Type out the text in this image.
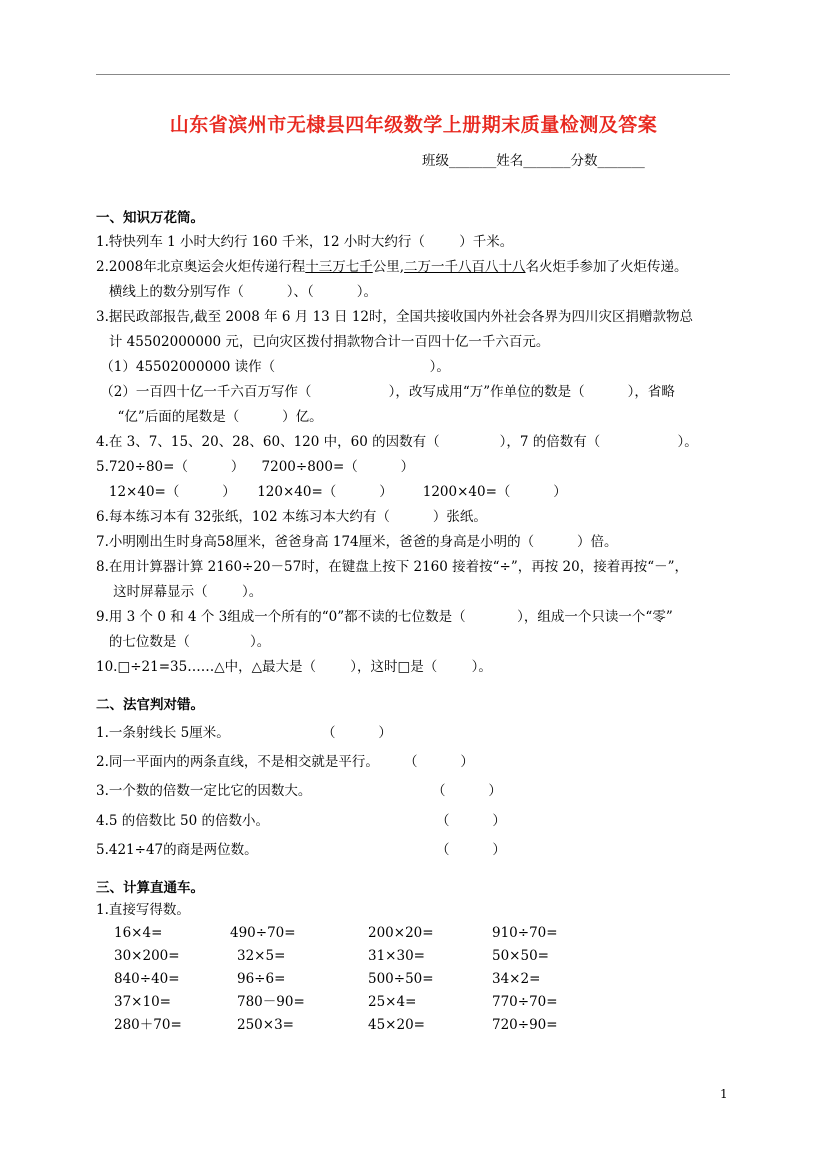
山东省滨州市无棣县四年级数学上册期末质量检测及答案
班级_______姓名_______分数_______
一、知识万花筒。
1.特快列车 1 小时大约行 160 千米，12 小时大约行（        ）千米。
2.2008年北京奥运会火炬传递行程十三万七千公里,二万一千八百八十八名火炬手参加了火炬传递。
横线上的数分别写作（          ）、（          ）。
3.据民政部报告,截至 2008 年 6 月 13 日 12时，全国共接收国内外社会各界为四川灾区捐赠款物总
计 45502000000 元，已向灾区拨付捐款物合计一百四十亿一千六百元。
（1）45502000000 读作（                                    ）。
（2）一百四十亿一千六百万写作（                  ），改写成用“万”作单位的数是（          ），省略
“亿”后面的尾数是（          ）亿。
4.在 3、7、15、20、28、60、120 中，60 的因数有（              ），7 的倍数有（                  ）。
5.720÷80=（          ）    7200÷800=（          ）
12×40=（          ）     120×40=（          ）       1200×40=（          ）
6.每本练习本有 32张纸，102 本练习本大约有（          ）张纸。
7.小明刚出生时身高58厘米，爸爸身高 174厘米，爸爸的身高是小明的（          ）倍。
8.在用计算器计算 2160÷20－57时，在键盘上按下 2160 接着按“÷”，再按 20，接着再按“－”，
这时屏幕显示（        ）。
9.用 3 个 0 和 4 个 3组成一个所有的“0”都不读的七位数是（            ），组成一个只读一个“零”
的七位数是（              ）。
10.□÷21=35……△中，△最大是（        ），这时□是（        ）。
二、法官判对错。
1.一条射线长 5厘米。	（          ）
2.同一平面内的两条直线，不是相交就是平行。 （          ）
3.一个数的倍数一定比它的因数大。	（          ）
4.5 的倍数比 50 的倍数小。	（          ）
5.421÷47的商是两位数。	（          ）
三、计算直通车。
1.直接写得数。
16×4=	490÷70=	200×20=	910÷70=
30×200=	32×5=	31×30=	50×50=
840÷40=	96÷6=	500÷50=	34×2=
37×10=	780－90=	25×4=	770÷70=
280＋70=	250×3=	45×20=	720÷90=
1
